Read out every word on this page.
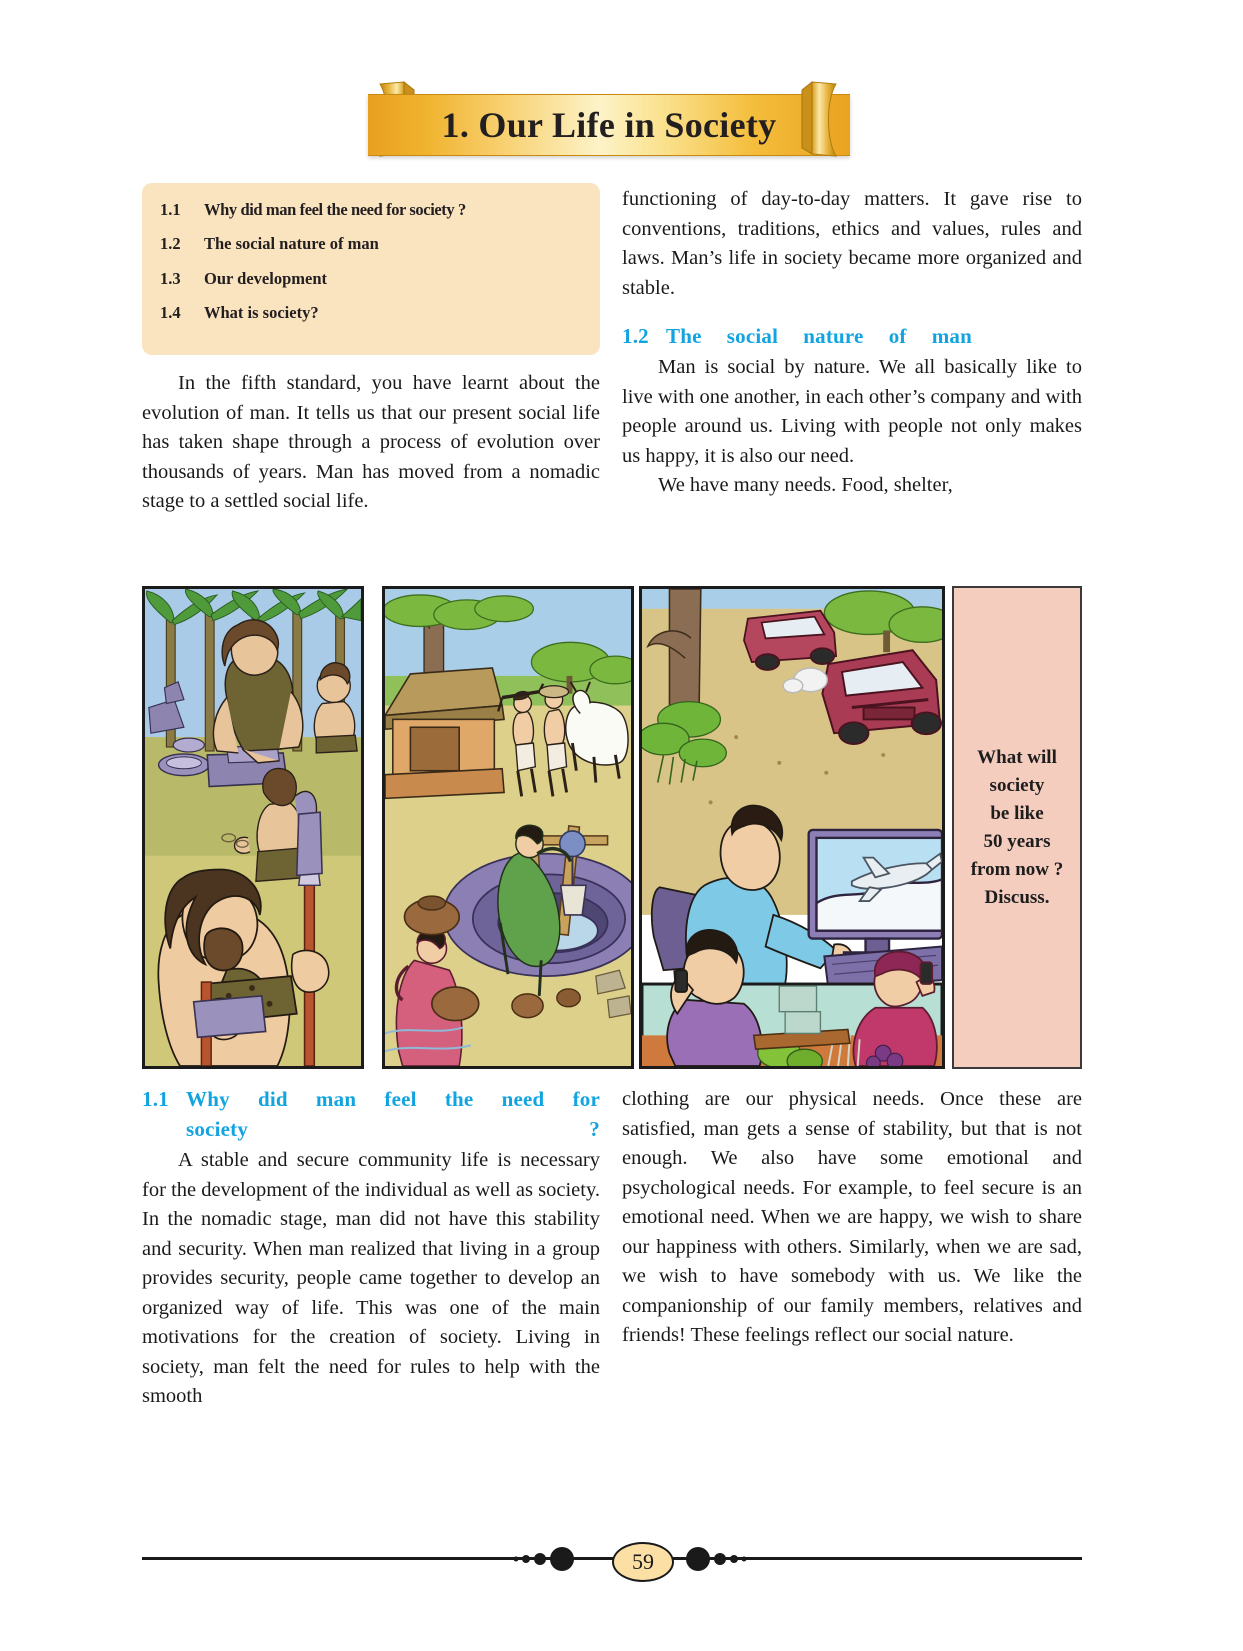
1. Our Life in Society
1.1	Why did man feel the need for society ?
1.2	The social nature of man
1.3	Our development
1.4	What is society?

In the fifth standard, you have learnt about the evolution of man. It tells us that our present social life has taken shape through a process of evolution over thousands of years. Man has moved from a nomadic stage to a settled social life.

functioning of day-to-day matters. It gave rise to conventions, traditions, ethics and values, rules and laws. Man’s life in society became more organized and stable.

1.2 The social nature of man

Man is social by nature. We all basically like to live with one another, in each other’s company and with people around us. Living with people not only makes us happy, it is also our need.

We have many needs. Food, shelter,

What will
society
be like
50 years
from now ?
Discuss.
1.1 Why did man feel the need for
society ?

A stable and secure community life is necessary for the development of the individual as well as society. In the nomadic stage, man did not have this stability and security. When man realized that living in a group provides security, people came together to develop an organized way of life. This was one of the main motivations for the creation of society. Living in society, man felt the need for rules to help with the smooth

clothing are our physical needs. Once these are satisfied, man gets a sense of stability, but that is not enough. We also have some emotional and psychological needs. For example, to feel secure is an emotional need. When we are happy, we wish to share our happiness with others. Similarly, when we are sad, we wish to have somebody with us. We like the companionship of our family members, relatives and friends! These feelings reflect our social nature.

59
